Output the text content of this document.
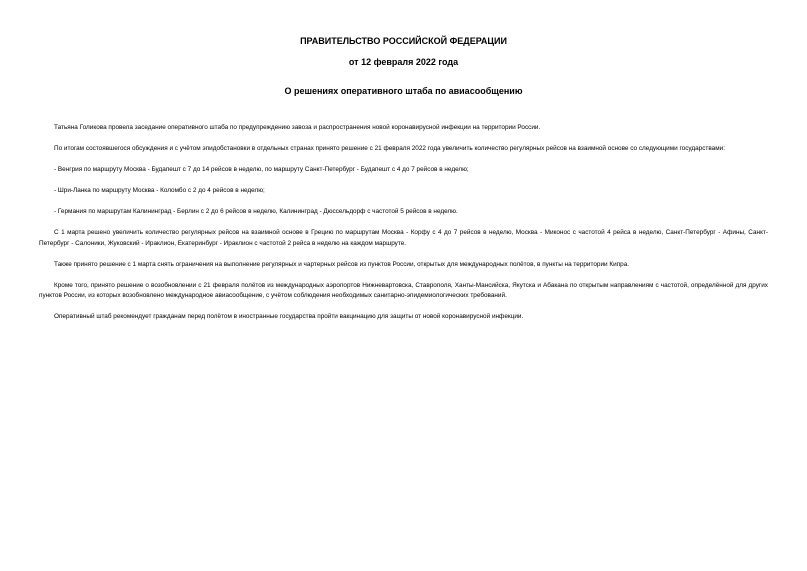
ПРАВИТЕЛЬСТВО РОССИЙСКОЙ ФЕДЕРАЦИИ
от 12 февраля 2022 года
О решениях оперативного штаба по авиасообщению

Татьяна Голикова провела заседание оперативного штаба по предупреждению завоза и распространения новой коронавирусной инфекции на территории России.

По итогам состоявшегося обсуждения и с учётом эпидобстановки в отдельных странах принято решение с 21 февраля 2022 года увеличить количество регулярных рейсов на взаимной основе со следующими государствами:

- Венгрия по маршруту Москва - Будапешт с 7 до 14 рейсов в неделю, по маршруту Санкт-Петербург - Будапешт с 4 до 7 рейсов в неделю;

- Шри-Ланка по маршруту Москва - Коломбо с 2 до 4 рейсов в неделю;

- Германия по маршрутам Калининград - Берлин с 2 до 6 рейсов в неделю, Калининград - Дюссельдорф с частотой 5 рейсов в неделю.

С 1 марта решено увеличить количество регулярных рейсов на взаимной основе в Грецию по маршрутам Москва - Корфу с 4 до 7 рейсов в неделю, Москва - Миконос с частотой 4 рейса в неделю, Санкт-Петербург - Афины, Санкт-Петербург - Салоники, Жуковский - Ираклион, Екатеринбург - Ираклион с частотой 2 рейса в неделю на каждом маршруте.

Также принято решение с 1 марта снять ограничения на выполнение регулярных и чартерных рейсов из пунктов России, открытых для международных полётов, в пункты на территории Кипра.

Кроме того, принято решение о возобновлении с 21 февраля полётов из международных аэропортов Нижневартовска, Ставрополя, Ханты-Мансийска, Якутска и Абакана по открытым направлениям с частотой, определённой для других пунктов России, из которых возобновлено международное авиасообщение, с учётом соблюдения необходимых санитарно-эпидемиологических требований.

Оперативный штаб рекомендует гражданам перед полётом в иностранные государства пройти вакцинацию для защиты от новой коронавирусной инфекции.
